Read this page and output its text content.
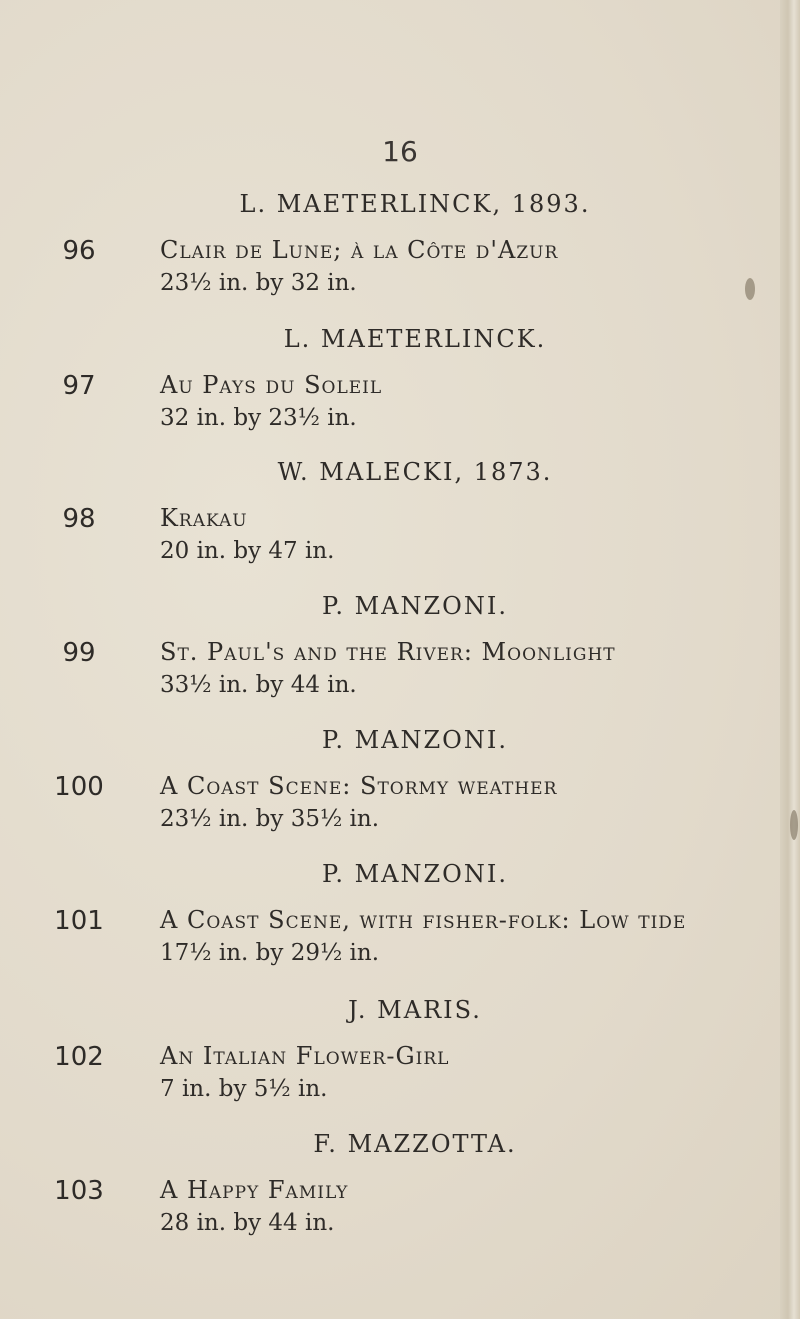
16
L. MAETERLINCK, 1893.
96	Clair de Lune; à la Côte d'Azur
23½ in. by 32 in.
L. MAETERLINCK.
97	Au Pays du Soleil
32 in. by 23½ in.
W. MALECKI, 1873.
98	Krakau
20 in. by 47 in.
P. MANZONI.
99	St. Paul's and the River: Moonlight
33½ in. by 44 in.
P. MANZONI.
100	A Coast Scene: Stormy weather
23½ in. by 35½ in.
P. MANZONI.
101	A Coast Scene, with fisher-folk: Low tide
17½ in. by 29½ in.
J. MARIS.
102	An Italian Flower-Girl
7 in. by 5½ in.
F. MAZZOTTA.
103	A Happy Family
28 in. by 44 in.
